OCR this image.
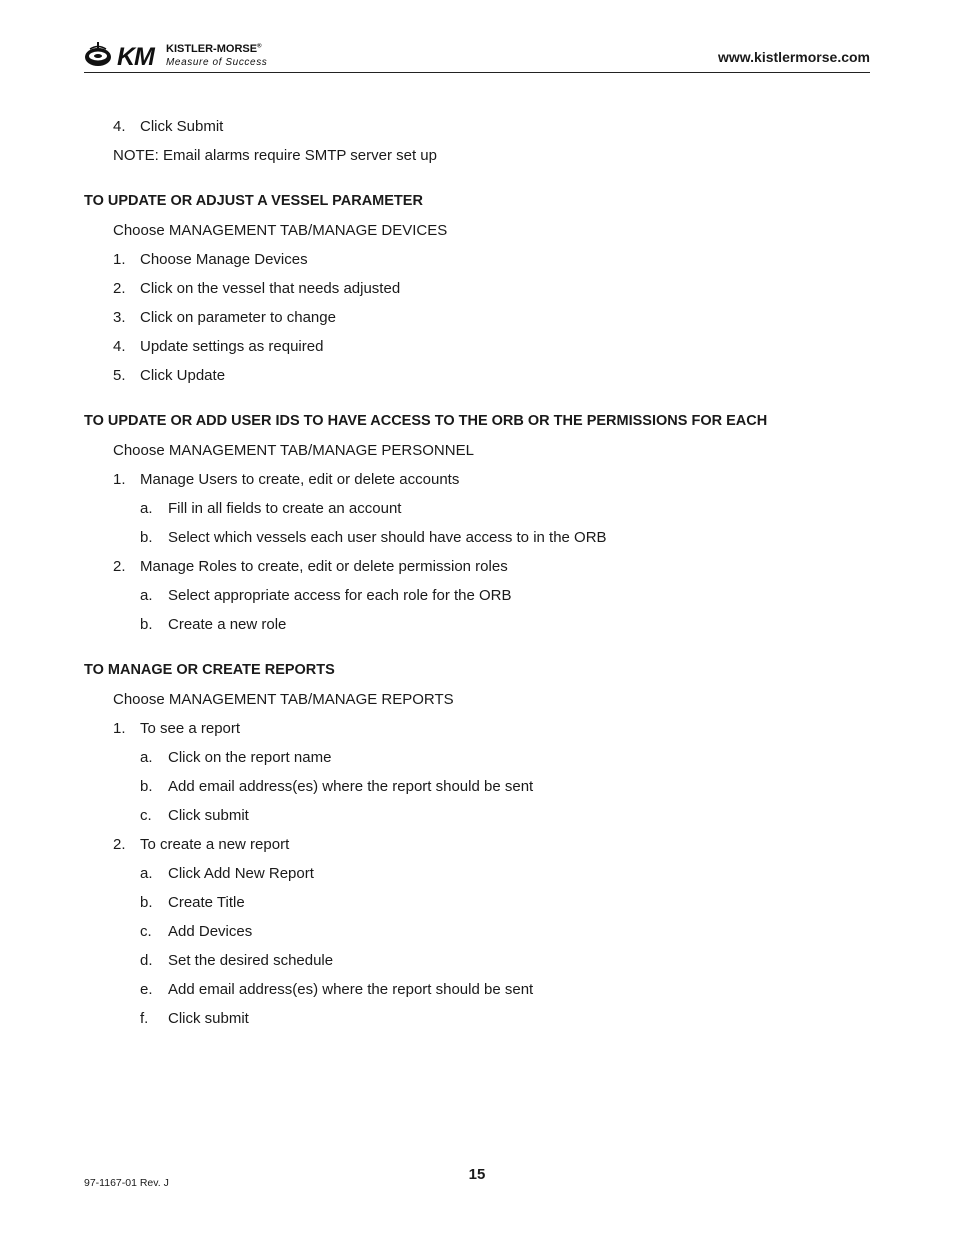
KM KISTLER-MORSE®
Measure of Success	www.kistlermorse.com
4. Click Submit
NOTE: Email alarms require SMTP server set up
TO UPDATE OR ADJUST A VESSEL PARAMETER
Choose MANAGEMENT TAB/MANAGE DEVICES
1. Choose Manage Devices
2. Click on the vessel that needs adjusted
3. Click on parameter to change
4. Update settings as required
5. Click Update
TO UPDATE OR ADD USER IDS TO HAVE ACCESS TO THE ORB OR THE PERMISSIONS FOR EACH
Choose MANAGEMENT TAB/MANAGE PERSONNEL
1. Manage Users to create, edit or delete accounts
a.	Fill in all fields to create an account
b.	Select which vessels each user should have access to in the ORB
2. Manage Roles to create, edit or delete permission roles
a.	Select appropriate access for each role for the ORB
b.	Create a new role
TO MANAGE OR CREATE REPORTS
Choose MANAGEMENT TAB/MANAGE REPORTS
1. To see a report
a.	Click on the report name
b.	Add email address(es) where the report should be sent
c.	Click submit
2. To create a new report
a.	Click Add New Report
b.	Create Title
c.	Add Devices
d.	Set the desired schedule
e.	Add email address(es) where the report should be sent
f.	Click submit
15
97-1167-01 Rev. J
